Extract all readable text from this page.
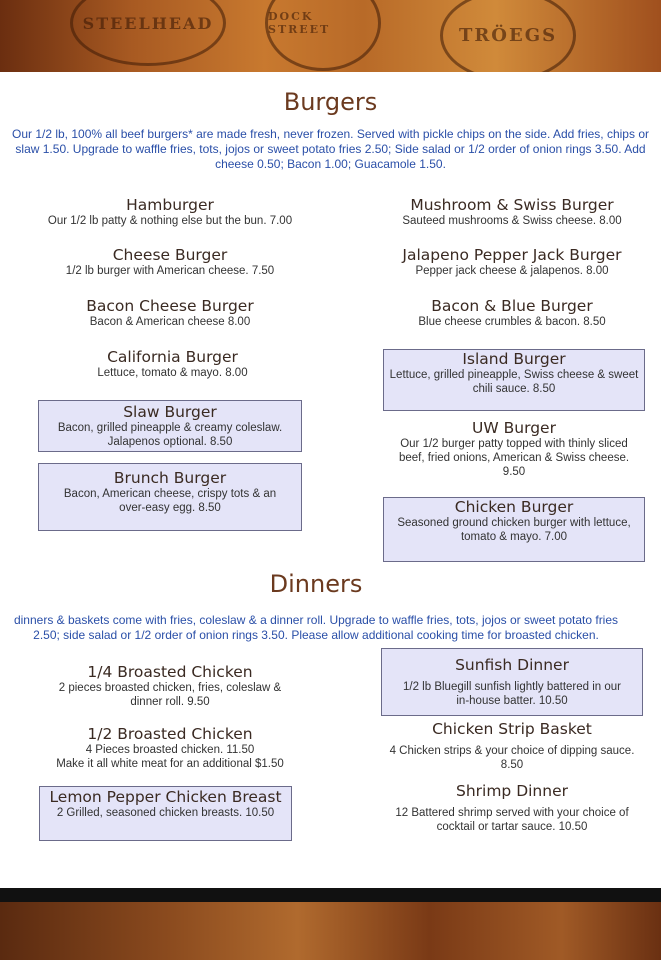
STEELHEAD	DOCK STREET	TRÖEGS
Burgers
Our 1/2 lb, 100% all beef burgers* are made fresh, never frozen. Served with pickle chips on the side. Add fries, chips or slaw 1.50. Upgrade to waffle fries, tots, jojos or sweet potato fries 2.50; Side salad or 1/2 order of onion rings 3.50. Add cheese 0.50; Bacon 1.00; Guacamole 1.50.
Hamburger
Our 1/2 lb patty & nothing else but the bun. 7.00
Cheese Burger
1/2 lb burger with American cheese. 7.50
Bacon Cheese Burger
Bacon & American cheese 8.00
California Burger
Lettuce, tomato & mayo. 8.00
Slaw Burger
Bacon, grilled pineapple & creamy coleslaw. Jalapenos optional. 8.50
Brunch Burger
Bacon, American cheese, crispy tots & an over-easy egg. 8.50
Mushroom & Swiss Burger
Sauteed mushrooms & Swiss cheese. 8.00
Jalapeno Pepper Jack Burger
Pepper jack cheese & jalapenos. 8.00
Bacon & Blue Burger
Blue cheese crumbles & bacon. 8.50
Island Burger
Lettuce, grilled pineapple, Swiss cheese & sweet chili sauce. 8.50
UW Burger
Our 1/2 burger patty topped with thinly sliced beef, fried onions, American & Swiss cheese. 9.50
Chicken Burger
Seasoned ground chicken burger with lettuce, tomato & mayo. 7.00
Dinners
dinners & baskets come with fries, coleslaw & a dinner roll. Upgrade to waffle fries, tots, jojos or sweet potato fries 2.50; side salad or 1/2 order of onion rings 3.50. Please allow additional cooking time for broasted chicken.
1/4 Broasted Chicken
2 pieces broasted chicken, fries, coleslaw & dinner roll. 9.50
1/2 Broasted Chicken
4 Pieces broasted chicken. 11.50
Make it all white meat for an additional $1.50
Lemon Pepper Chicken Breast
2 Grilled, seasoned chicken breasts. 10.50
Sunfish Dinner
1/2 lb Bluegill sunfish lightly battered in our in-house batter. 10.50
Chicken Strip Basket
4 Chicken strips & your choice of dipping sauce. 8.50
Shrimp Dinner
12 Battered shrimp served with your choice of cocktail or tartar sauce. 10.50
